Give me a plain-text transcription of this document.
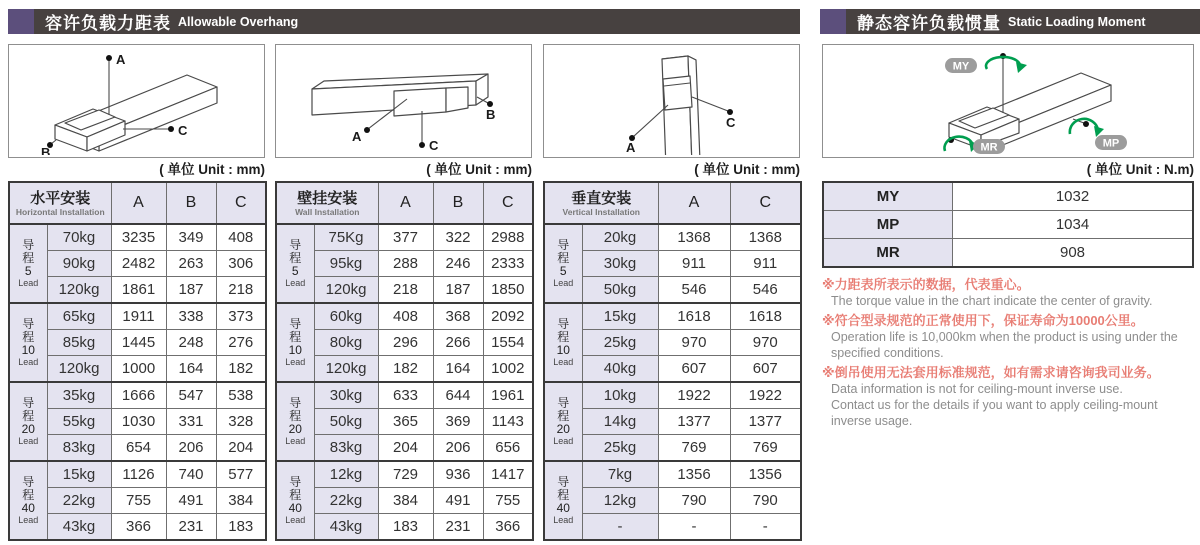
容许负载力距表 Allowable Overhang	静态容许负载惯量 Static Loading Moment
A
C
B
( 单位 Unit : mm)
水平安装
Horizontal Installation		A	B	C

导
程
5
Lead	70kg	3235	349	408
	90kg	2482	263	306
	120kg	1861	187	218

导
程
10
Lead	65kg	1911	338	373
	85kg	1445	248	276
	120kg	1000	164	182

导
程
20
Lead	35kg	1666	547	538
	55kg	1030	331	328
	83kg	654	206	204

导
程
40
Lead	15kg	1126	740	577
	22kg	755	491	384
	43kg	366	231	183
A
B
C
( 单位 Unit : mm)
壁挂安装
Wall Installation		A	B	C

导
程
5
Lead	75Kg	377	322	2988
	95kg	288	246	2333
	120kg	218	187	1850

导
程
10
Lead	60kg	408	368	2092
	80kg	296	266	1554
	120kg	182	164	1002

导
程
20
Lead	30kg	633	644	1961
	50kg	365	369	1143
	83kg	204	206	656

导
程
40
Lead	12kg	729	936	1417
	22kg	384	491	755
	43kg	183	231	366
A
C
( 单位 Unit : mm)
垂直安装
Vertical Installation		A	C

导
程
5
Lead	20kg	1368	1368
	30kg	911	911
	50kg	546	546

导
程
10
Lead	15kg	1618	1618
	25kg	970	970
	40kg	607	607

导
程
20
Lead	10kg	1922	1922
	14kg	1377	1377
	25kg	769	769

导
程
40
Lead	7kg	1356	1356
	12kg	790	790
	-	-	-
MY
MP
MR
( 单位 Unit : N.m)
MY	1032
MP	1034
MR	908
※力距表所表示的数据，代表重心。
The torque value in the chart indicate the center of gravity.
※符合型录规范的正常使用下，保证寿命为10000公里。
Operation life is 10,000km when the product is using under the specified conditions.
※倒吊使用无法套用标准规范，如有需求请咨询我司业务。
Data information is not for ceiling-mount inverse use.
Contact us for the details if you want to apply ceiling-mount inverse usage.
